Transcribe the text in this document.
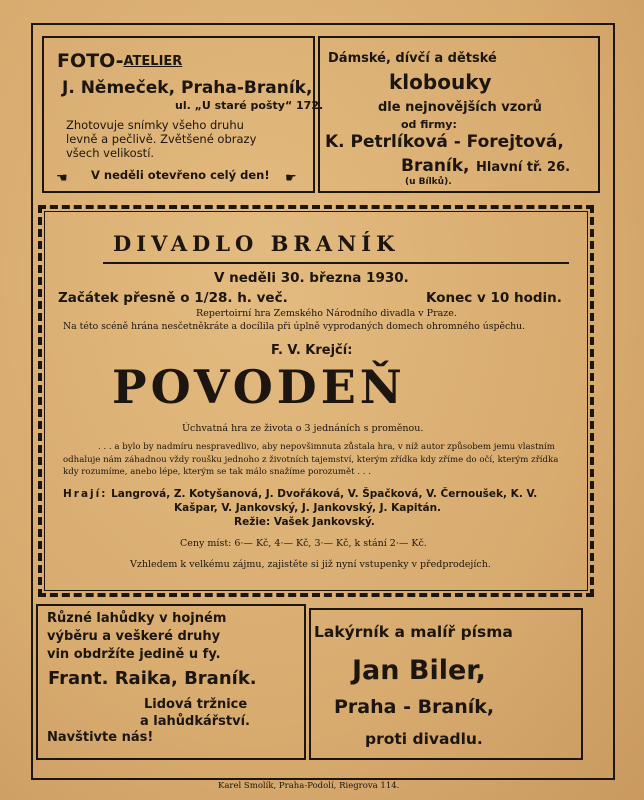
FOTO-ATELIER
J. Němeček, Praha-Braník,
ul. „U staré pošty“ 172.
Zhotovuje snímky všeho druhu
levně a pečlivě. Zvětšené obrazy
všech velikostí.
☚ V neděli otevřeno celý den! ☛
Dámské, dívčí a dětské
klobouky
dle nejnovějších vzorů
od firmy:
K. Petrlíková - Forejtová,
Braník, Hlavní tř. 26.
(u Bílků).
DIVADLO BRANÍK
V neděli 30. března 1930.
Začátek přesně o 1/28. h. več.	Konec v 10 hodin.
Repertoirní hra Zemského Národního divadla v Praze.
Na této scéně hrána nesčetněkráte a docílila při úplně vyprodaných domech ohromného úspěchu.
F. V. Krejčí:
POVODEŇ
Úchvatná hra ze života o 3 jednáních s proměnou.
. . . a bylo by nadmíru nespravedlivo, aby nepovšimnuta zůstala hra, v níž autor způsobem jemu vlastním
odhaluje nám záhadnou vždy roušku jednoho z životních tajemství, kterým zřídka kdy zříme do očí, kterým zřídka
kdy rozumíme, anebo lépe, kterým se tak málo snažíme porozumět . . .
Hrají: Langrová, Z. Kotyšanová, J. Dvořáková, V. Špačková, V. Černoušek, K. V.
Kašpar, V. Jankovský, J. Jankovský, J. Kapitán.
Režie: Vašek Jankovský.
Ceny míst: 6·— Kč, 4·— Kč, 3·— Kč, k stání 2·— Kč.
Vzhledem k velkému zájmu, zajistěte si již nyní vstupenky v předprodejích.
Různé lahůdky v hojném
výběru a veškeré druhy
vin obdržíte jedině u fy.
Frant. Raika, Braník.
Lidová tržnice
a lahůdkářství.
Navštivte nás!
Lakýrník a malíř písma
Jan Biler,
Praha - Braník,
proti divadlu.
Karel Smolík, Praha-Podolí, Riegrova 114.
